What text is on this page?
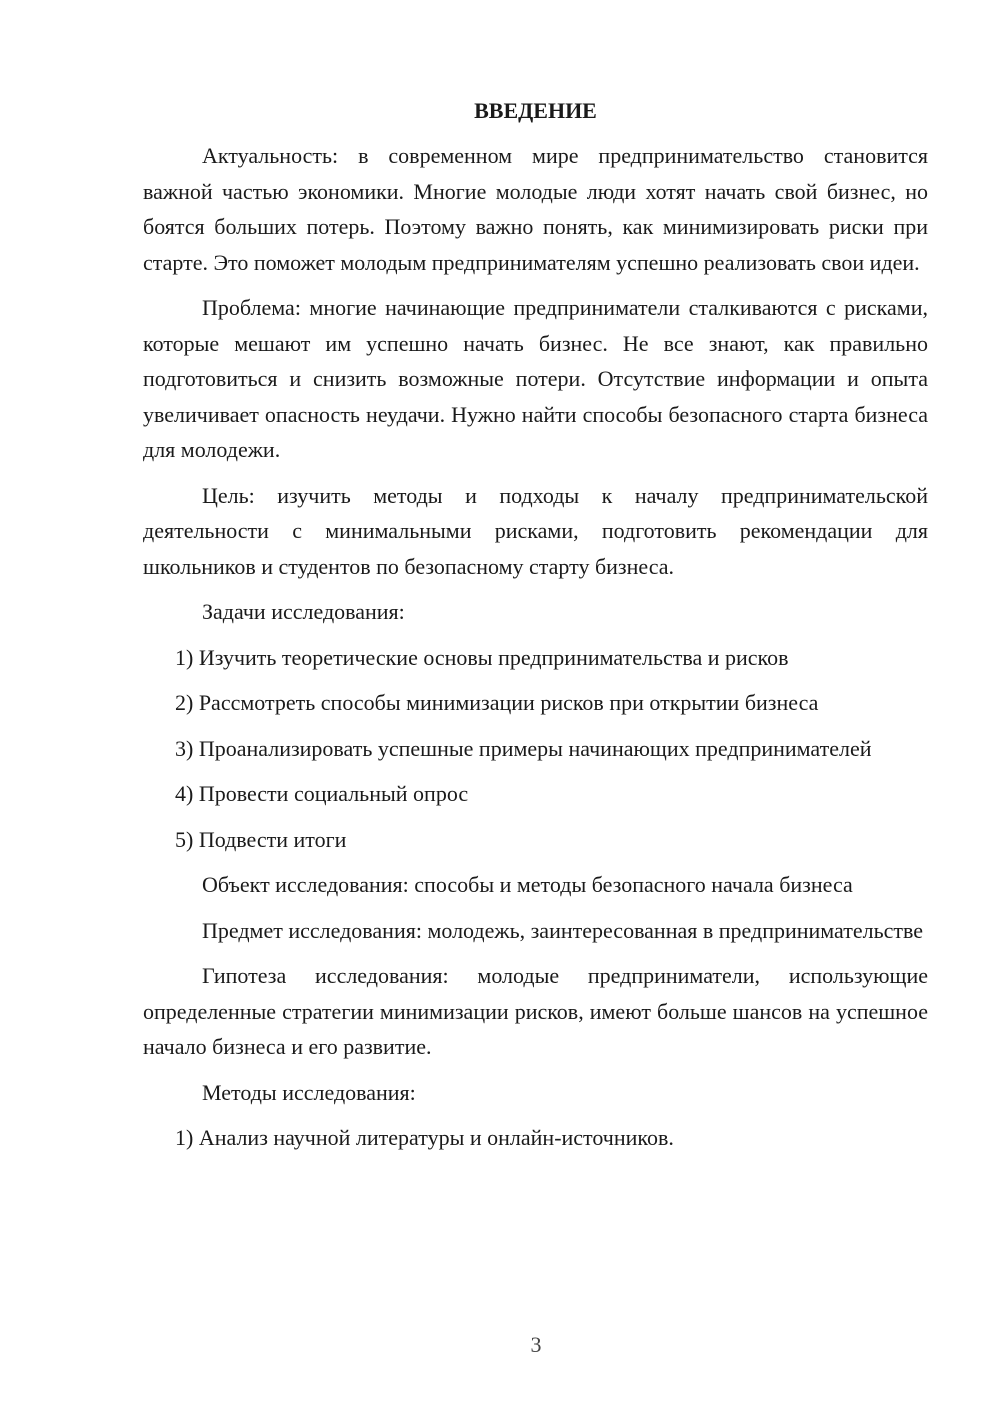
ВВЕДЕНИЕ

Актуальность: в современном мире предпринимательство становится важной частью экономики. Многие молодые люди хотят начать свой бизнес, но боятся больших потерь. Поэтому важно понять, как минимизировать риски при старте. Это поможет молодым предпринимателям успешно реализовать свои идеи.

Проблема: многие начинающие предприниматели сталкиваются с рисками, которые мешают им успешно начать бизнес. Не все знают, как правильно подготовиться и снизить возможные потери. Отсутствие информации и опыта увеличивает опасность неудачи. Нужно найти способы безопасного старта бизнеса для молодежи.

Цель: изучить методы и подходы к началу предпринимательской деятельности с минимальными рисками, подготовить рекомендации для школьников и студентов по безопасному старту бизнеса.

Задачи исследования:

1) Изучить теоретические основы предпринимательства и рисков

2) Рассмотреть способы минимизации рисков при открытии бизнеса

3) Проанализировать успешные примеры начинающих предпринимателей

4) Провести социальный опрос

5) Подвести итоги

Объект исследования: способы и методы безопасного начала бизнеса

Предмет исследования: молодежь, заинтересованная в предпринимательстве

Гипотеза исследования: молодые предприниматели, использующие определенные стратегии минимизации рисков, имеют больше шансов на успешное начало бизнеса и его развитие.

Методы исследования:

1) Анализ научной литературы и онлайн-источников.

3
